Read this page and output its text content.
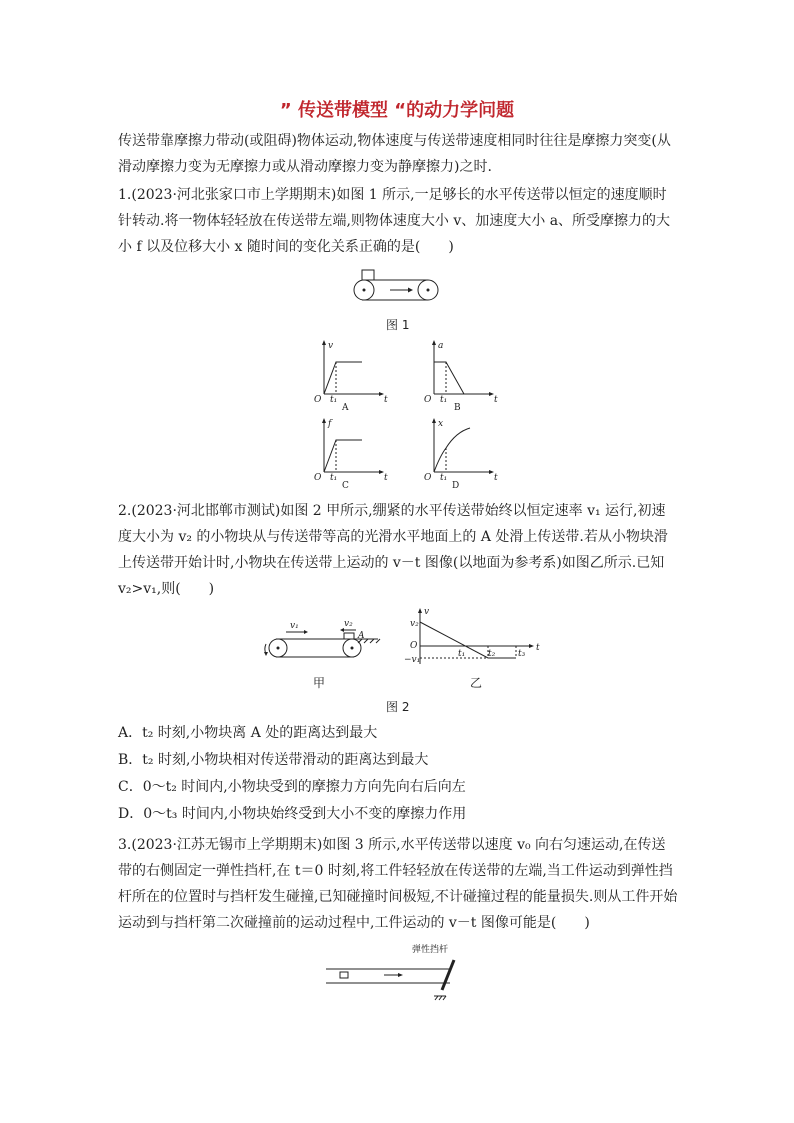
” 传送带模型 “的动力学问题

传送带靠摩擦力带动(或阻碍)物体运动,物体速度与传送带速度相同时往往是摩擦力突变(从滑动摩擦力变为无摩擦力或从滑动摩擦力变为静摩擦力)之时.

1.(2023·河北张家口市上学期期末)如图 1 所示,一足够长的水平传送带以恒定的速度顺时针转动.将一物体轻轻放在传送带左端,则物体速度大小 v、加速度大小 a、所受摩擦力的大小 f 以及位移大小 x 随时间的变化关系正确的是(　　)

图 1
v
t
O t₁
A
a
t
O t₁
B
f
t
O t₁
C
x
t
O t₁
D

2.(2023·河北邯郸市测试)如图 2 甲所示,绷紧的水平传送带始终以恒定速率 v₁ 运行,初速度大小为 v₂ 的小物块从与传送带等高的光滑水平地面上的 A 处滑上传送带.若从小物块滑上传送带开始计时,小物块在传送带上运动的 v－t 图像(以地面为参考系)如图乙所示.已知 v₂>v₁,则(　　)

v₁	v₂
A
甲
v
t
v₂
O
−v₁
t₁	t₂	t₃
乙
图 2
A．t₂ 时刻,小物块离 A 处的距离达到最大
B．t₂ 时刻,小物块相对传送带滑动的距离达到最大
C．0～t₂ 时间内,小物块受到的摩擦力方向先向右后向左
D．0～t₃ 时间内,小物块始终受到大小不变的摩擦力作用

3.(2023·江苏无锡市上学期期末)如图 3 所示,水平传送带以速度 v₀ 向右匀速运动,在传送带的右侧固定一弹性挡杆,在 t＝0 时刻,将工件轻轻放在传送带的左端,当工件运动到弹性挡杆所在的位置时与挡杆发生碰撞,已知碰撞时间极短,不计碰撞过程的能量损失.则从工件开始运动到与挡杆第二次碰撞前的运动过程中,工件运动的 v－t 图像可能是(　　)

弹性挡杆
